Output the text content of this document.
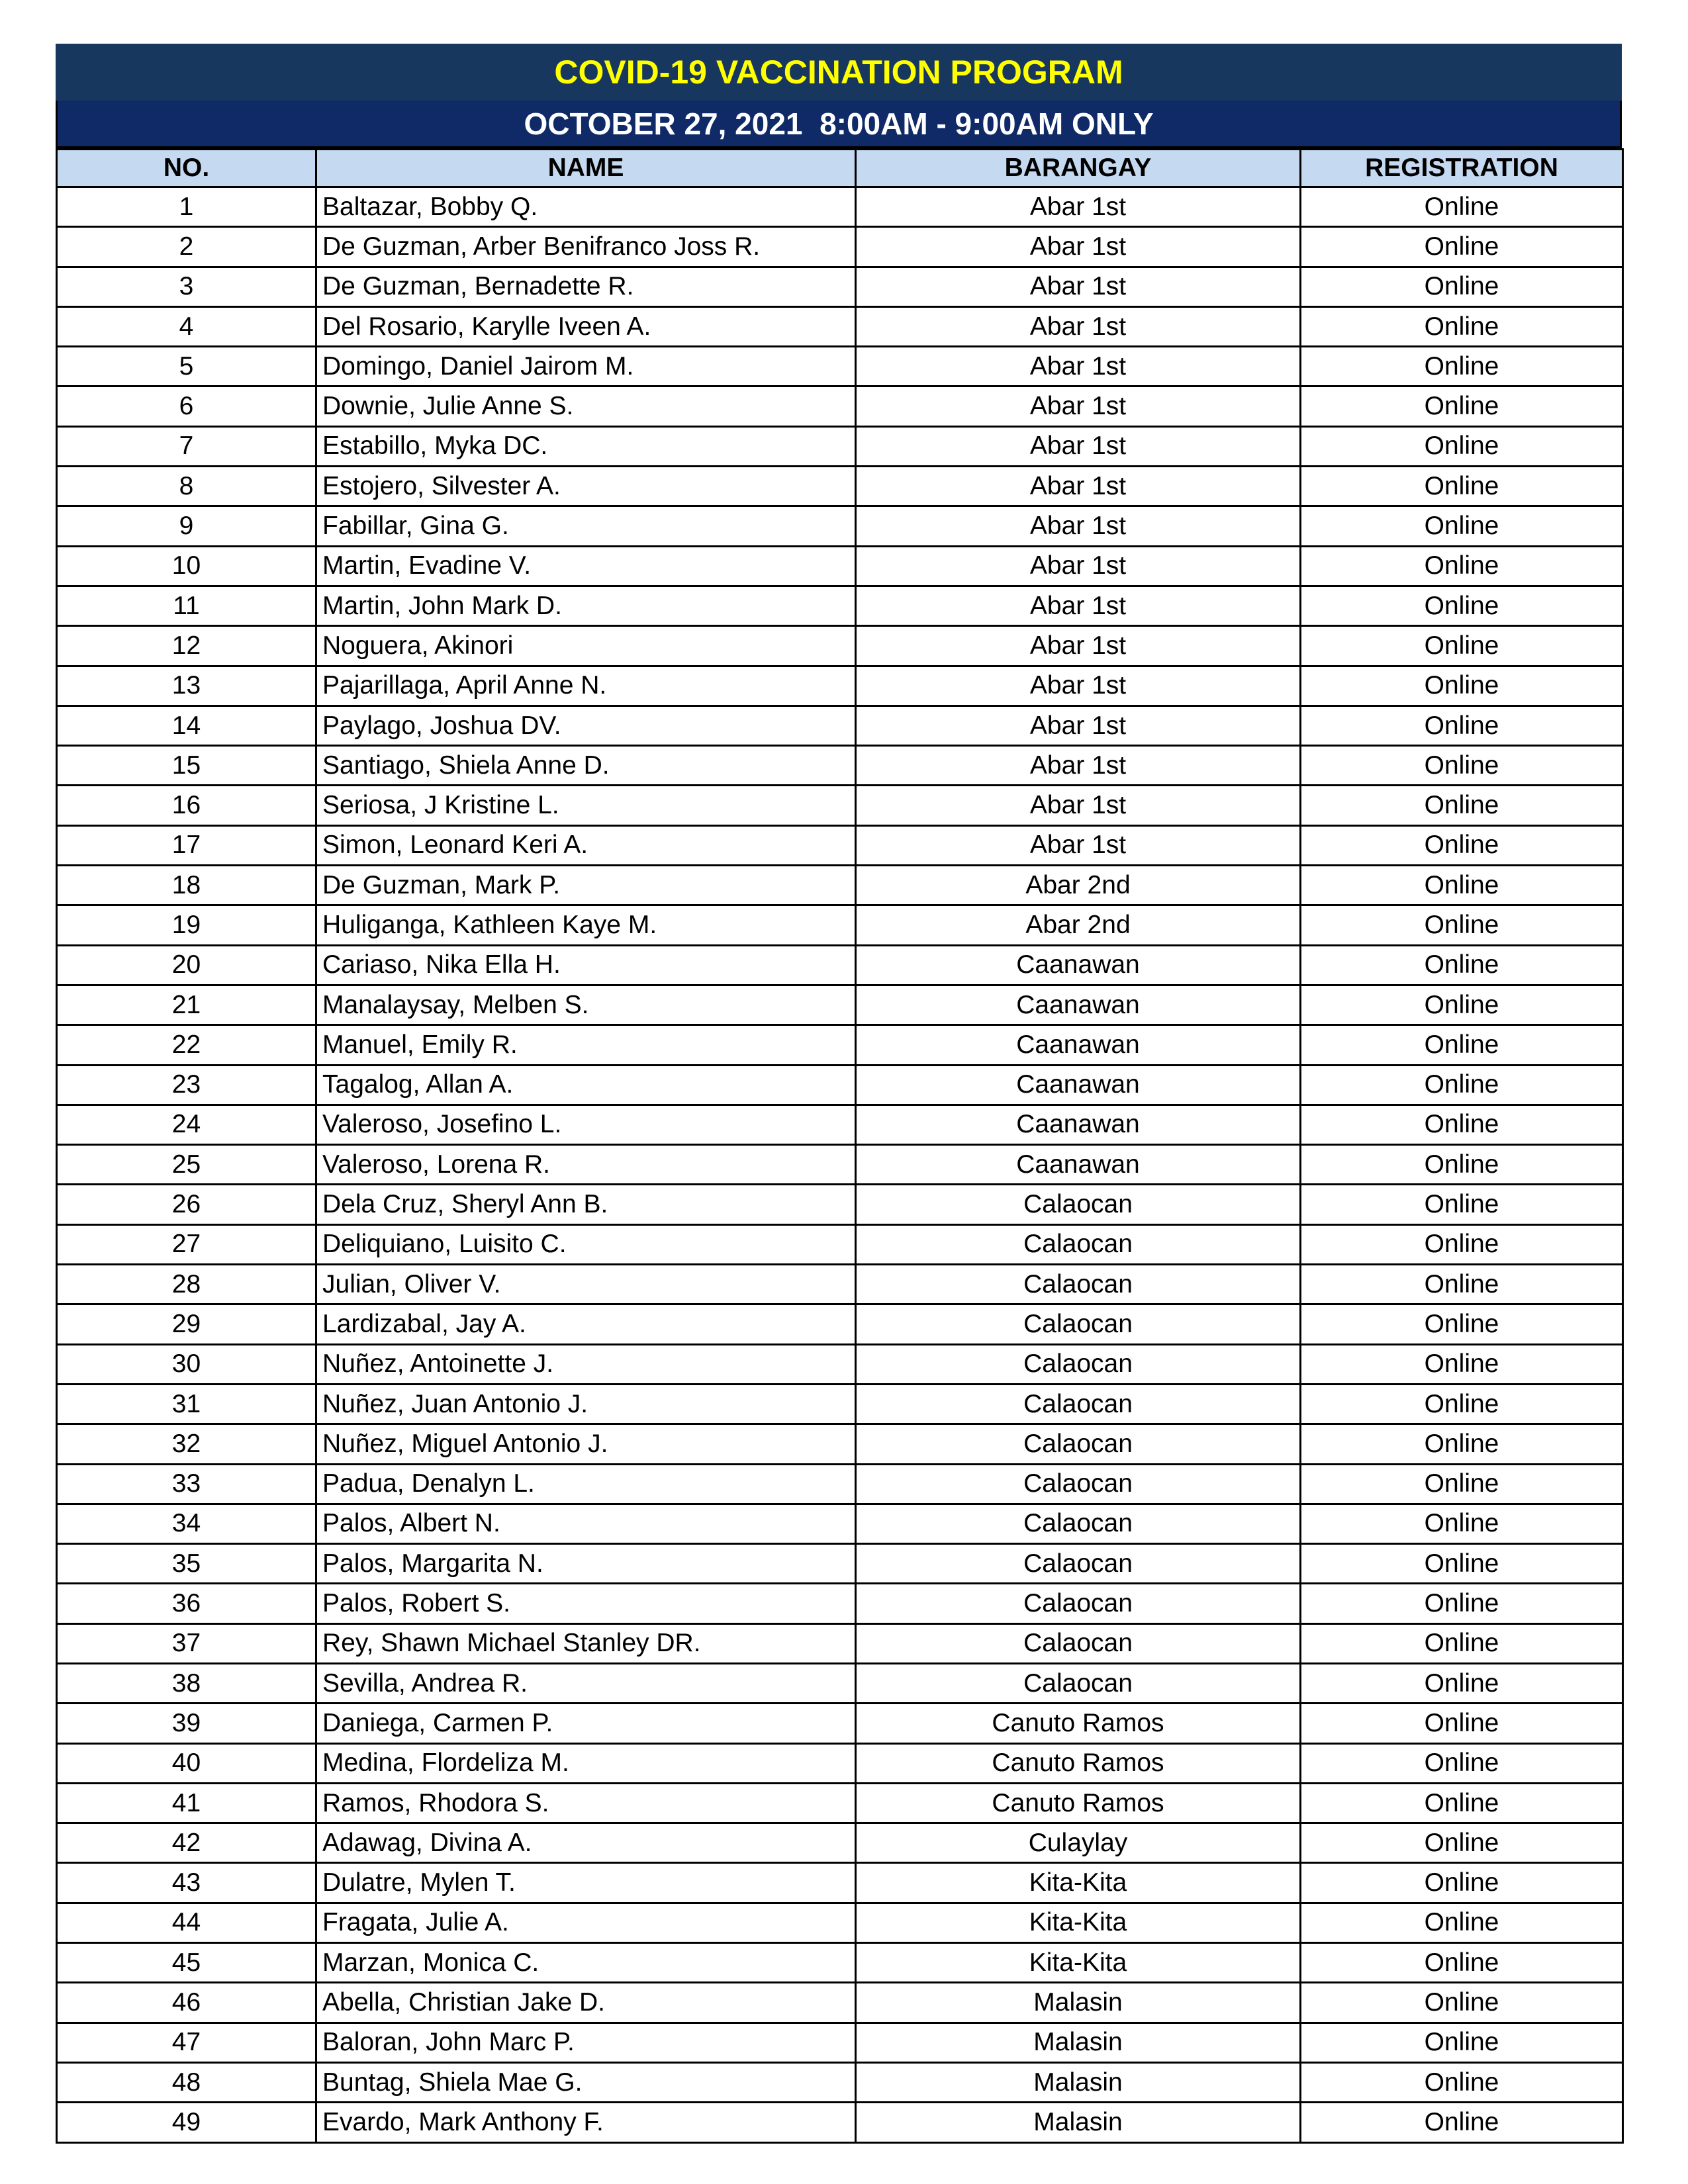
COVID-19 VACCINATION PROGRAM
OCTOBER 27, 2021  8:00AM - 9:00AM ONLY
NO.	NAME	BARANGAY	REGISTRATION
1	Baltazar, Bobby Q.	Abar 1st	Online
2	De Guzman, Arber Benifranco Joss R.	Abar 1st	Online
3	De Guzman, Bernadette R.	Abar 1st	Online
4	Del Rosario, Karylle Iveen A.	Abar 1st	Online
5	Domingo, Daniel Jairom M.	Abar 1st	Online
6	Downie, Julie Anne S.	Abar 1st	Online
7	Estabillo, Myka DC.	Abar 1st	Online
8	Estojero, Silvester A.	Abar 1st	Online
9	Fabillar, Gina G.	Abar 1st	Online
10	Martin, Evadine V.	Abar 1st	Online
11	Martin, John Mark D.	Abar 1st	Online
12	Noguera, Akinori	Abar 1st	Online
13	Pajarillaga, April Anne N.	Abar 1st	Online
14	Paylago, Joshua DV.	Abar 1st	Online
15	Santiago, Shiela Anne D.	Abar 1st	Online
16	Seriosa, J Kristine L.	Abar 1st	Online
17	Simon, Leonard Keri A.	Abar 1st	Online
18	De Guzman, Mark P.	Abar 2nd	Online
19	Huliganga, Kathleen Kaye M.	Abar 2nd	Online
20	Cariaso, Nika Ella H.	Caanawan	Online
21	Manalaysay, Melben S.	Caanawan	Online
22	Manuel, Emily R.	Caanawan	Online
23	Tagalog, Allan A.	Caanawan	Online
24	Valeroso, Josefino L.	Caanawan	Online
25	Valeroso, Lorena R.	Caanawan	Online
26	Dela Cruz, Sheryl Ann B.	Calaocan	Online
27	Deliquiano, Luisito C.	Calaocan	Online
28	Julian, Oliver V.	Calaocan	Online
29	Lardizabal, Jay A.	Calaocan	Online
30	Nuñez, Antoinette J.	Calaocan	Online
31	Nuñez, Juan Antonio J.	Calaocan	Online
32	Nuñez, Miguel Antonio J.	Calaocan	Online
33	Padua, Denalyn L.	Calaocan	Online
34	Palos, Albert N.	Calaocan	Online
35	Palos, Margarita N.	Calaocan	Online
36	Palos, Robert S.	Calaocan	Online
37	Rey, Shawn Michael Stanley DR.	Calaocan	Online
38	Sevilla, Andrea R.	Calaocan	Online
39	Daniega, Carmen P.	Canuto Ramos	Online
40	Medina, Flordeliza M.	Canuto Ramos	Online
41	Ramos, Rhodora S.	Canuto Ramos	Online
42	Adawag, Divina A.	Culaylay	Online
43	Dulatre, Mylen T.	Kita-Kita	Online
44	Fragata, Julie A.	Kita-Kita	Online
45	Marzan, Monica C.	Kita-Kita	Online
46	Abella, Christian Jake D.	Malasin	Online
47	Baloran, John Marc P.	Malasin	Online
48	Buntag, Shiela Mae G.	Malasin	Online
49	Evardo, Mark Anthony F.	Malasin	Online
